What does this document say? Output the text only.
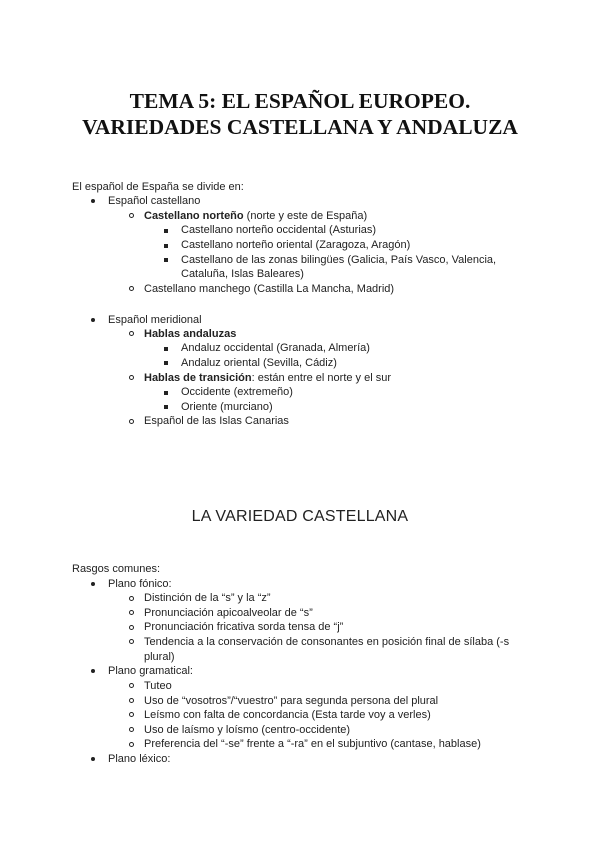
TEMA 5: EL ESPAÑOL EUROPEO.
VARIEDADES CASTELLANA Y ANDALUZA
El español de España se divide en:
Español castellano
Castellano norteño (norte y este de España)
Castellano norteño occidental (Asturias)
Castellano norteño oriental (Zaragoza, Aragón)
Castellano de las zonas bilingües (Galicia, País Vasco, Valencia,
Cataluña, Islas Baleares)
Castellano manchego (Castilla La Mancha, Madrid)
Español meridional
Hablas andaluzas
Andaluz occidental (Granada, Almería)
Andaluz oriental (Sevilla, Cádiz)
Hablas de transición: están entre el norte y el sur
Occidente (extremeño)
Oriente (murciano)
Español de las Islas Canarias
LA VARIEDAD CASTELLANA
Rasgos comunes:
Plano fónico:
Distinción de la “s” y la “z”
Pronunciación apicoalveolar de “s”
Pronunciación fricativa sorda tensa de “j”
Tendencia a la conservación de consonantes en posición final de sílaba (-s
plural)
Plano gramatical:
Tuteo
Uso de “vosotros”/“vuestro” para segunda persona del plural
Leísmo con falta de concordancia (Esta tarde voy a verles)
Uso de laísmo y loísmo (centro-occidente)
Preferencia del “-se” frente a “-ra” en el subjuntivo (cantase, hablase)
Plano léxico:
